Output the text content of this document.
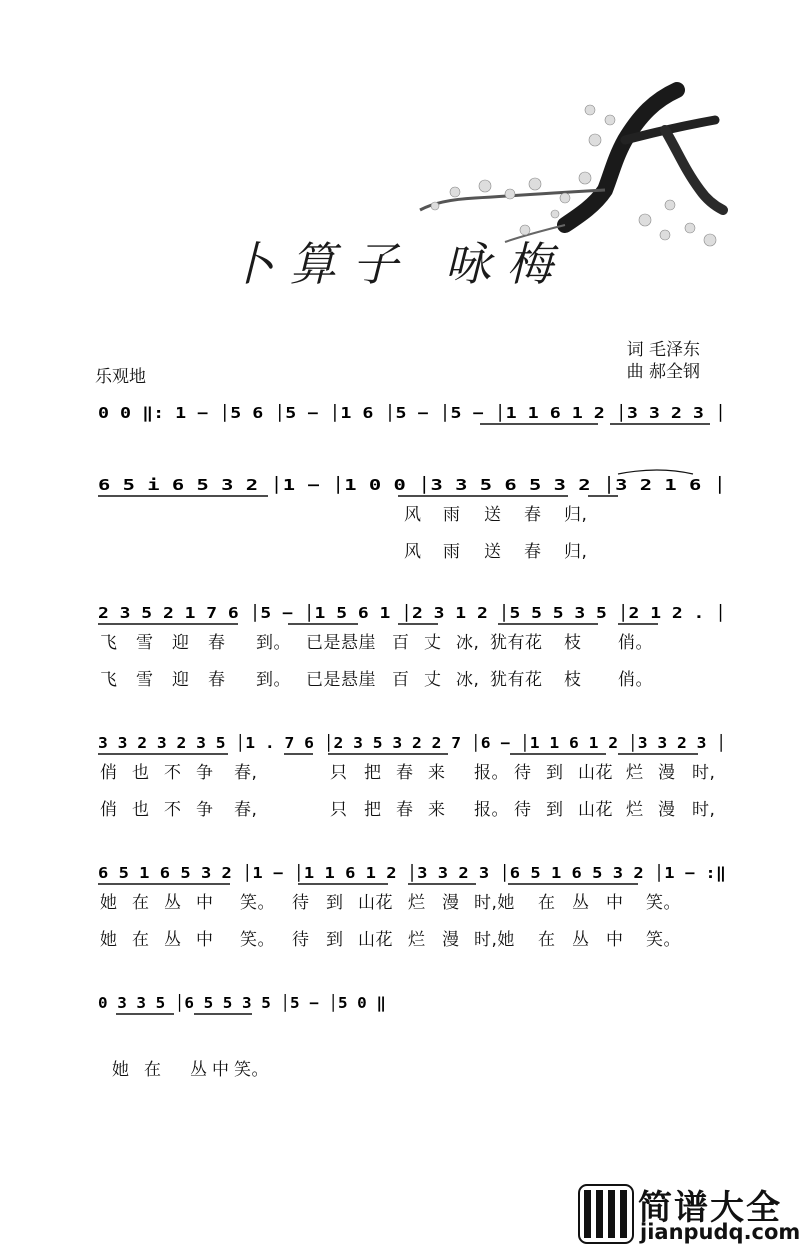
卜算子 咏梅
词 毛泽东
曲 郝全钢
乐观地
0 0 ‖: 1 − │5 6 │5 − │1 6 │5 − │5 − │1 1 6 1 2 │3 3 2 3 │
6 5 i 6 5 3 2 │1 − │1 0 0 │3 3 5 6 5 3 2 │3 2 1 6 │
风 雨 送 春 归,
风 雨 送 春 归,
2 3 5 2 1 7 6 │5 − │1 5 6 1 │2 3 1 2 │5 5 5 3 5 │2 1 2 . │
飞 雪 迎 春 到。 已是悬崖 百 丈 冰, 犹有花 枝 俏。
飞 雪 迎 春 到。 已是悬崖 百 丈 冰, 犹有花 枝 俏。
3 3 2 3 2 3 5 │1 . 7 6 │2 3 5 3 2 2 7 │6 − │1 1 6 1 2 │3 3 2 3 │
俏 也 不 争 春,	只 把 春 来 报。 待 到 山花 烂 漫 时,
俏 也 不 争 春,	只 把 春 来 报。 待 到 山花 烂 漫 时,
6 5 1 6 5 3 2 │1 − │1 1 6 1 2 │3 3 2 3 │6 5 1 6 5 3 2 │1 − :‖
她 在 丛 中 笑。 待 到 山花 烂 漫 时,她 在 丛 中 笑。
她 在 丛 中 笑。 待 到 山花 烂 漫 时,她 在 丛 中 笑。
0 3 3 5 │6 5 5 3 5 │5 − │5 0 ‖
她 在 丛 中 笑。
简谱大全
jianpudq.com
